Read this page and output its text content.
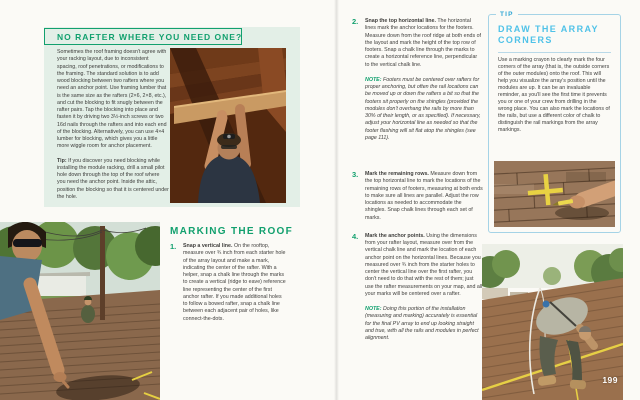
NO RAFTER WHERE YOU NEED ONE?

Sometimes the roof framing doesn't agree with your racking layout, due to inconsistent spacing, roof penetrations, or modifications to the framing. The standard solution is to add wood blocking between two rafters where you need an anchor point. Use framing lumber that is the same size as the rafters (2×6, 2×8, etc.), and cut the blocking to fit snugly between the rafter pairs. Tap the blocking into place and fasten it by driving two 3½-inch screws or two 16d nails through the rafters and into each end of the blocking. Alternatively, you can use 4×4 lumber for blocking, which gives you a little more wiggle room for anchor placement.

Tip: If you discover you need blocking while installing the module racking, drill a small pilot hole down through the top of the roof where you need the anchor point. Inside the attic, position the blocking so that it is centered under the hole.

MARKING THE ROOF
1.	Snap a vertical line. On the rooftop, measure over ¾ inch from each starter hole of the array layout and make a mark, indicating the center of the rafter. With a helper, snap a chalk line through the marks to create a vertical (ridge to eave) reference line representing the center of the first anchor rafter. If you made additional holes to follow a bowed rafter, snap a chalk line between each adjacent pair of holes, like connect-the-dots.
2.	Snap the top horizontal line. The horizontal lines mark the anchor locations for the footers. Measure down from the roof ridge at both ends of the layout and mark the height of the top row of footers. Snap a chalk line through the marks to create a horizontal reference line, perpendicular to the vertical chalk line.

NOTE: Footers must be centered over rafters for proper anchoring, but often the rail locations can be moved up or down the rafters a bit so that the footers sit properly on the shingles (provided the modules don't overhang the rails by more than 30% of their length, or as specified). If necessary, adjust your horizontal line as needed so that the footer flashing will sit flat atop the shingles (see page 111).

3.	Mark the remaining rows. Measure down from the top horizontal line to mark the locations of the remaining rows of footers, measuring at both ends to make sure all lines are parallel. Adjust the row locations as needed to accommodate the shingles. Snap chalk lines through each set of marks.
4.	Mark the anchor points. Using the dimensions from your rafter layout, measure over from the vertical chalk line and mark the location of each anchor point on the horizontal lines. Because you measured over ¾ inch from the starter holes to center the vertical line over the first rafter, you don't need to do that with the rest of them; just use the rafter measurements on your map, and all your marks will be centered over a rafter.

NOTE: Doing this portion of the installation (measuring and marking) accurately is essential for the final PV array to end up looking straight and true, with all the rails and modules in perfect alignment.

TIP
DRAW THE ARRAY CORNERS
Use a marking crayon to clearly mark the four corners of the array (that is, the outside corners of the outer modules) onto the roof. This will help you visualize the array's position until the modules are up. It can be an invaluable reminder, as you'll see the first time it prevents you or one of your crew from drilling in the wrong place. You can also mark the locations of the rails, but use a different color of chalk to distinguish the rail markings from the array markings.
199
